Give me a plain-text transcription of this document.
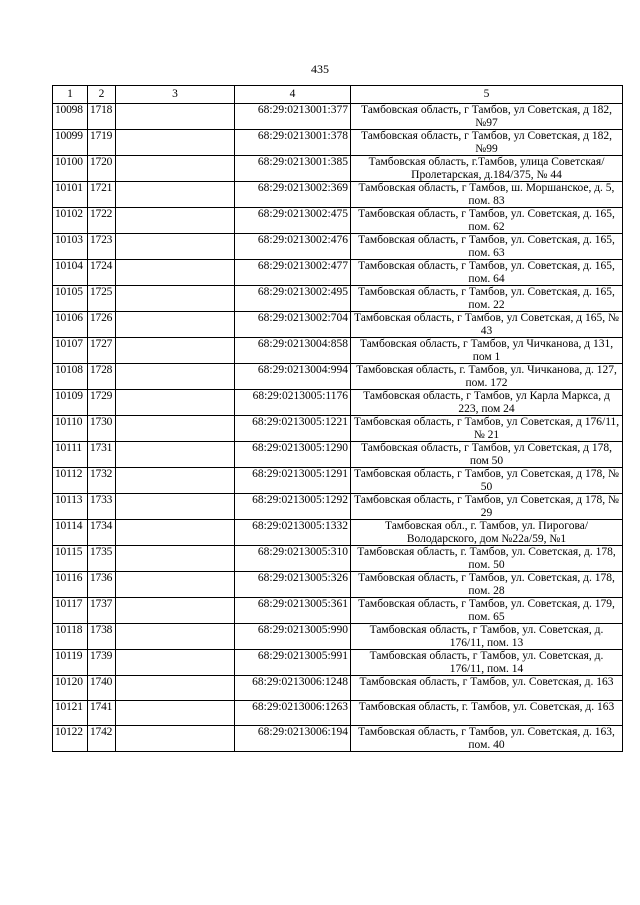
435
1	2	3	4	5
10098	1718		68:29:0213001:377	Тамбовская область, г Тамбов, ул Советская, д 182, №97
10099	1719		68:29:0213001:378	Тамбовская область, г Тамбов, ул Советская, д 182, №99
10100	1720		68:29:0213001:385	Тамбовская область, г.Тамбов, улица Советская/Пролетарская, д.184/375, № 44
10101	1721		68:29:0213002:369	Тамбовская область, г Тамбов, ш. Моршанское, д. 5, пом. 83
10102	1722		68:29:0213002:475	Тамбовская область, г Тамбов, ул. Советская, д. 165, пом. 62
10103	1723		68:29:0213002:476	Тамбовская область, г Тамбов, ул. Советская, д. 165, пом. 63
10104	1724		68:29:0213002:477	Тамбовская область, г Тамбов, ул. Советская, д. 165, пом. 64
10105	1725		68:29:0213002:495	Тамбовская область, г Тамбов, ул. Советская, д. 165, пом. 22
10106	1726		68:29:0213002:704	Тамбовская область, г Тамбов, ул Советская, д 165, № 43
10107	1727		68:29:0213004:858	Тамбовская область, г Тамбов, ул Чичканова, д 131, пом 1
10108	1728		68:29:0213004:994	Тамбовская область, г. Тамбов, ул. Чичканова, д. 127, пом. 172
10109	1729		68:29:0213005:1176	Тамбовская область, г Тамбов, ул Карла Маркса, д 223, пом 24
10110	1730		68:29:0213005:1221	Тамбовская область, г Тамбов, ул Советская, д 176/11, № 21
10111	1731		68:29:0213005:1290	Тамбовская область, г Тамбов, ул Советская, д 178, пом 50
10112	1732		68:29:0213005:1291	Тамбовская область, г Тамбов, ул Советская, д 178, № 50
10113	1733		68:29:0213005:1292	Тамбовская область, г Тамбов, ул Советская, д 178, № 29
10114	1734		68:29:0213005:1332	Тамбовская обл., г. Тамбов, ул. Пирогова/Володарского, дом №22а/59, №1
10115	1735		68:29:0213005:310	Тамбовская область, г. Тамбов, ул. Советская, д. 178, пом. 50
10116	1736		68:29:0213005:326	Тамбовская область, г Тамбов, ул. Советская, д. 178, пом. 28
10117	1737		68:29:0213005:361	Тамбовская область, г Тамбов, ул. Советская, д. 179, пом. 65
10118	1738		68:29:0213005:990	Тамбовская область, г Тамбов, ул. Советская, д. 176/11, пом. 13
10119	1739		68:29:0213005:991	Тамбовская область, г Тамбов, ул. Советская, д. 176/11, пом. 14
10120	1740		68:29:0213006:1248	Тамбовская область, г Тамбов, ул. Советская, д. 163
10121	1741		68:29:0213006:1263	Тамбовская область, г. Тамбов, ул. Советская, д. 163
10122	1742		68:29:0213006:194	Тамбовская область, г Тамбов, ул. Советская, д. 163, пом. 40
